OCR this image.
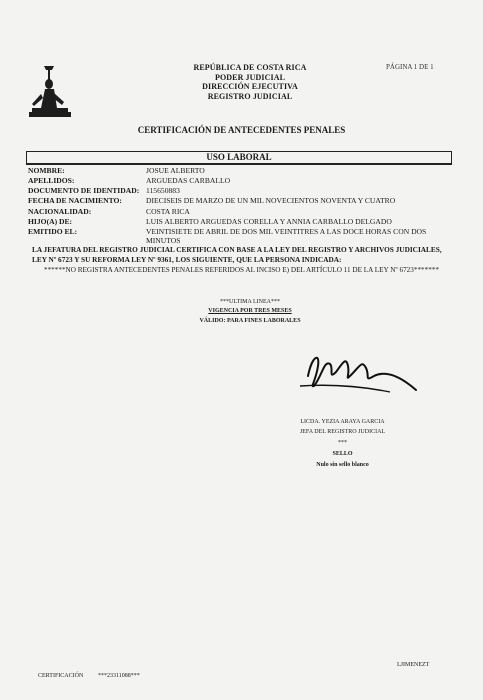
REPÚBLICA DE COSTA RICA
PODER JUDICIAL
DIRECCIÓN EJECUTIVA
REGISTRO JUDICIAL
PÁGINA 1 DE 1
CERTIFICACIÓN DE ANTECEDENTES PENALES
USO LABORAL
NOMBRE:	JOSUE ALBERTO
APELLIDOS:	ARGUEDAS CARBALLO
DOCUMENTO DE IDENTIDAD: 115650883
FECHA DE NACIMIENTO:	DIECISEIS DE MARZO DE UN MIL NOVECIENTOS NOVENTA Y CUATRO
NACIONALIDAD:	COSTA RICA
HIJO(A) DE:	LUIS ALBERTO ARGUEDAS CORELLA Y ANNIA CARBALLO DELGADO
EMITIDO EL:	VEINTISIETE DE ABRIL DE DOS MIL VEINTITRES A LAS DOCE HORAS CON DOS MINUTOS
LA JEFATURA DEL REGISTRO JUDICIAL CERTIFICA CON BASE A LA LEY DEL REGISTRO Y ARCHIVOS JUDICIALES, LEY Nº 6723 Y SU REFORMA LEY Nº 9361, LOS SIGUIENTE, QUE LA PERSONA INDICADA:
******NO REGISTRA ANTECEDENTES PENALES REFERIDOS AL INCISO E) DEL ARTÍCULO 11 DE LA LEY Nº 6723*******
***ULTIMA LINEA***
VIGENCIA POR TRES MESES
VÁLIDO: PARA FINES LABORALES
LICDA. YEZIA ARAYA GARCIA
JEFA DEL REGISTRO JUDICIAL
***
SELLO
Nulo sin sello blanco
LJIMENEZT
CERTIFICACIÓN ***23311088***
